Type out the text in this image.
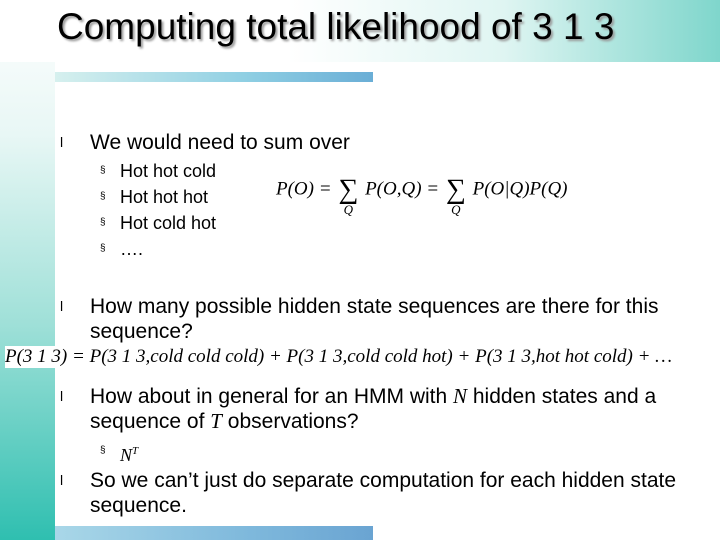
Computing total likelihood of 3 1 3
l We would need to sum over
§ Hot hot cold
§ Hot hot hot
§ Hot cold hot
§ ….
P(O) = ∑
Q
P(O,Q) = ∑
Q
P(O|Q)P(Q)
l How many possible hidden state sequences are there for this sequence?
P(3 1 3) = P(3 1 3,cold cold cold) + P(3 1 3,cold cold hot) + P(3 1 3,hot hot cold) + …
l How about in general for an HMM with N hidden states and a sequence of T observations?
§ $N^T$
l So we can’t just do separate computation for each hidden state sequence.
